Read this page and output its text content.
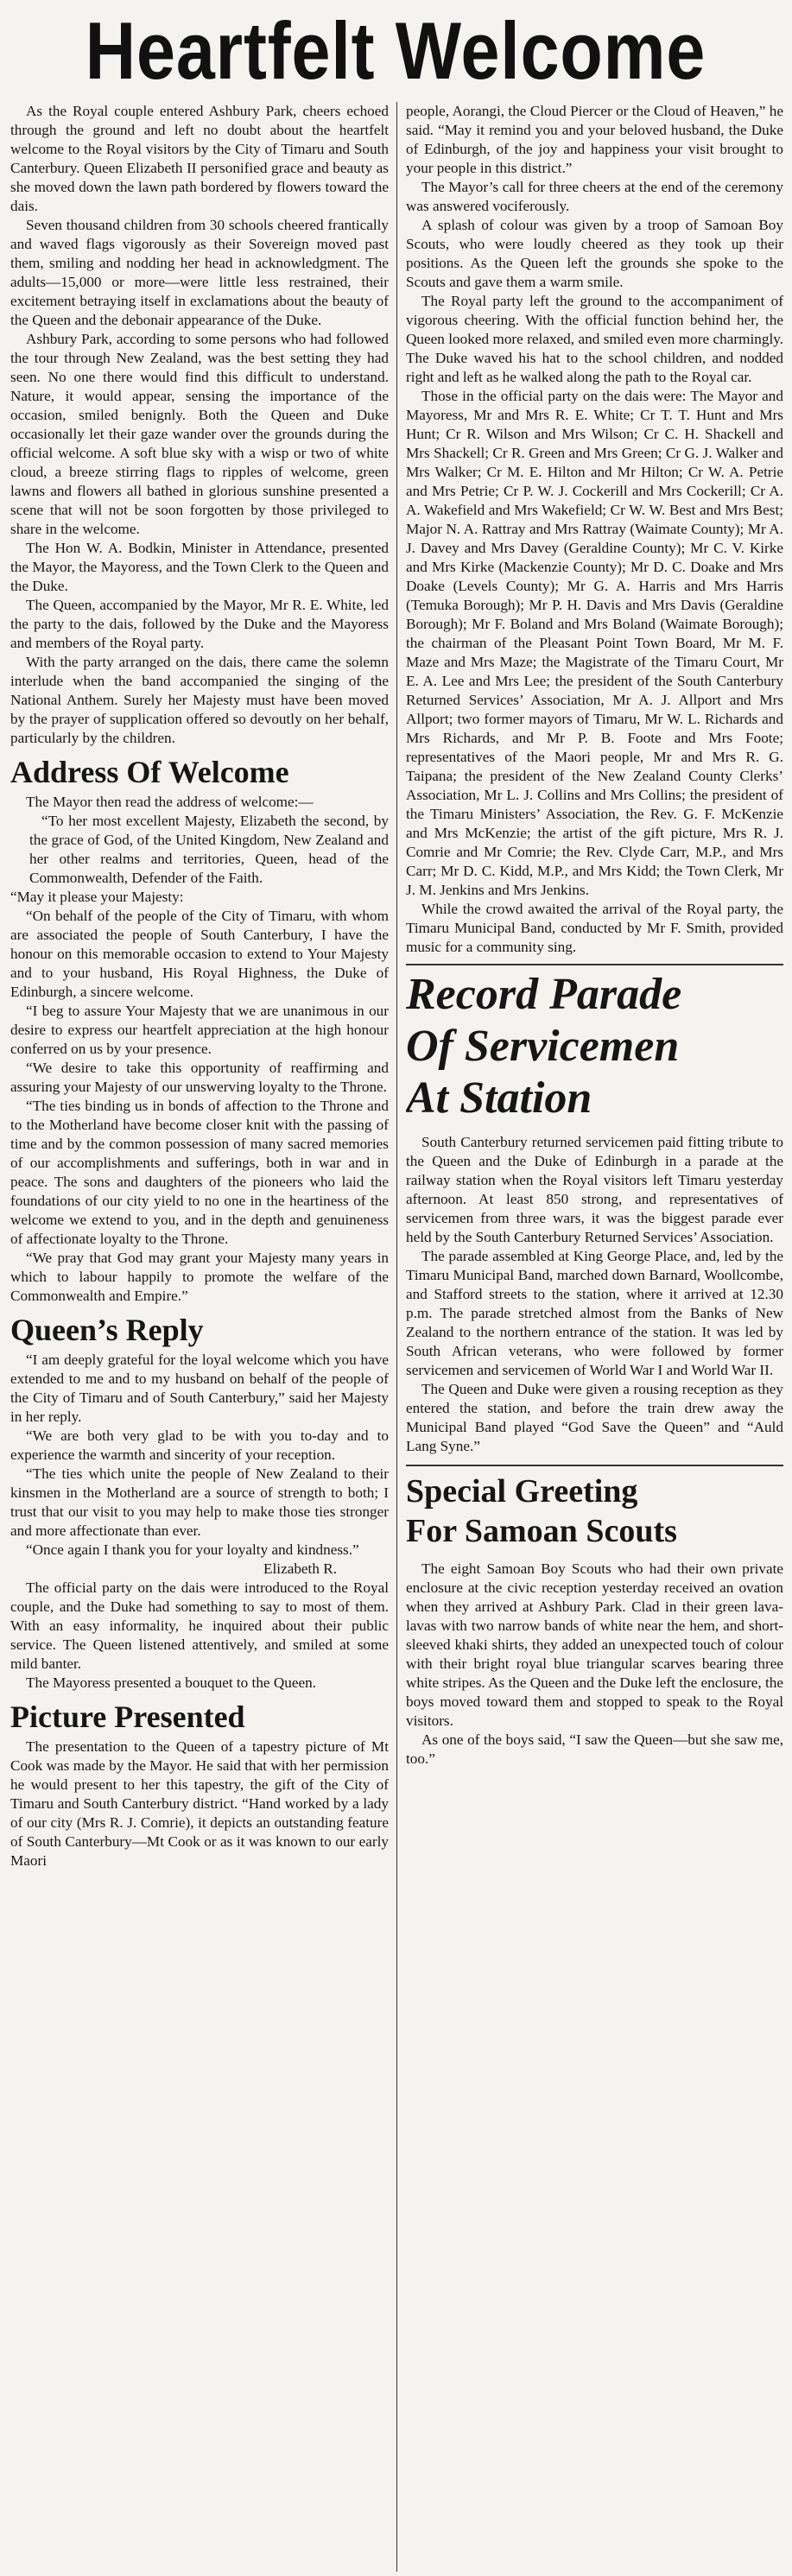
Heartfelt Welcome

As the Royal couple entered Ashbury Park, cheers echoed through the ground and left no doubt about the heartfelt welcome to the Royal visitors by the City of Timaru and South Canterbury. Queen Elizabeth II personified grace and beauty as she moved down the lawn path bordered by flowers toward the dais.

Seven thousand children from 30 schools cheered frantically and waved flags vigorously as their Sovereign moved past them, smiling and nodding her head in acknowledgment. The adults—15,000 or more—were little less restrained, their excitement betraying itself in exclamations about the beauty of the Queen and the debonair appearance of the Duke.

Ashbury Park, according to some persons who had followed the tour through New Zealand, was the best setting they had seen. No one there would find this difficult to understand. Nature, it would appear, sensing the importance of the occasion, smiled benignly. Both the Queen and Duke occasionally let their gaze wander over the grounds during the official welcome. A soft blue sky with a wisp or two of white cloud, a breeze stirring flags to ripples of welcome, green lawns and flowers all bathed in glorious sunshine presented a scene that will not be soon forgotten by those privileged to share in the welcome.

The Hon W. A. Bodkin, Minister in Attendance, presented the Mayor, the Mayoress, and the Town Clerk to the Queen and the Duke.

The Queen, accompanied by the Mayor, Mr R. E. White, led the party to the dais, followed by the Duke and the Mayoress and members of the Royal party.

With the party arranged on the dais, there came the solemn interlude when the band accompanied the singing of the National Anthem. Surely her Majesty must have been moved by the prayer of supplication offered so devoutly on her behalf, particularly by the children.

Address Of Welcome

The Mayor then read the address of welcome:—

“To her most excellent Majesty, Elizabeth the second, by the grace of God, of the United Kingdom, New Zealand and her other realms and territories, Queen, head of the Commonwealth, Defender of the Faith.

“May it please your Majesty:

“On behalf of the people of the City of Timaru, with whom are associated the people of South Canterbury, I have the honour on this memorable occasion to extend to Your Majesty and to your husband, His Royal Highness, the Duke of Edinburgh, a sincere welcome.

“I beg to assure Your Majesty that we are unanimous in our desire to express our heartfelt appreciation at the high honour conferred on us by your presence.

“We desire to take this opportunity of reaffirming and assuring your Majesty of our unswerving loyalty to the Throne.

“The ties binding us in bonds of affection to the Throne and to the Motherland have become closer knit with the passing of time and by the common possession of many sacred memories of our accomplishments and sufferings, both in war and in peace. The sons and daughters of the pioneers who laid the foundations of our city yield to no one in the heartiness of the welcome we extend to you, and in the depth and genuineness of affectionate loyalty to the Throne.

“We pray that God may grant your Majesty many years in which to labour happily to promote the welfare of the Commonwealth and Empire.”

Queen’s Reply

“I am deeply grateful for the loyal welcome which you have extended to me and to my husband on behalf of the people of the City of Timaru and of South Canterbury,” said her Majesty in her reply.

“We are both very glad to be with you to-day and to experience the warmth and sincerity of your reception.

“The ties which unite the people of New Zealand to their kinsmen in the Motherland are a source of strength to both; I trust that our visit to you may help to make those ties stronger and more affectionate than ever.

“Once again I thank you for your loyalty and kindness.”

Elizabeth R.

The official party on the dais were introduced to the Royal couple, and the Duke had something to say to most of them. With an easy informality, he inquired about their public service. The Queen listened attentively, and smiled at some mild banter.

The Mayoress presented a bouquet to the Queen.

Picture Presented

The presentation to the Queen of a tapestry picture of Mt Cook was made by the Mayor. He said that with her permission he would present to her this tapestry, the gift of the City of Timaru and South Canterbury district. “Hand worked by a lady of our city (Mrs R. J. Comrie), it depicts an outstanding feature of South Canterbury—Mt Cook or as it was known to our early Maori

people, Aorangi, the Cloud Piercer or the Cloud of Heaven,” he said. “May it remind you and your beloved husband, the Duke of Edinburgh, of the joy and happiness your visit brought to your people in this district.”

The Mayor’s call for three cheers at the end of the ceremony was answered vociferously.

A splash of colour was given by a troop of Samoan Boy Scouts, who were loudly cheered as they took up their positions. As the Queen left the grounds she spoke to the Scouts and gave them a warm smile.

The Royal party left the ground to the accompaniment of vigorous cheering. With the official function behind her, the Queen looked more relaxed, and smiled even more charmingly. The Duke waved his hat to the school children, and nodded right and left as he walked along the path to the Royal car.

Those in the official party on the dais were: The Mayor and Mayoress, Mr and Mrs R. E. White; Cr T. T. Hunt and Mrs Hunt; Cr R. Wilson and Mrs Wilson; Cr C. H. Shackell and Mrs Shackell; Cr R. Green and Mrs Green; Cr G. J. Walker and Mrs Walker; Cr M. E. Hilton and Mr Hilton; Cr W. A. Petrie and Mrs Petrie; Cr P. W. J. Cockerill and Mrs Cockerill; Cr A. A. Wakefield and Mrs Wakefield; Cr W. W. Best and Mrs Best; Major N. A. Rattray and Mrs Rattray (Waimate County); Mr A. J. Davey and Mrs Davey (Geraldine County); Mr C. V. Kirke and Mrs Kirke (Mackenzie County); Mr D. C. Doake and Mrs Doake (Levels County); Mr G. A. Harris and Mrs Harris (Temuka Borough); Mr P. H. Davis and Mrs Davis (Geraldine Borough); Mr F. Boland and Mrs Boland (Waimate Borough); the chairman of the Pleasant Point Town Board, Mr M. F. Maze and Mrs Maze; the Magistrate of the Timaru Court, Mr E. A. Lee and Mrs Lee; the president of the South Canterbury Returned Services’ Association, Mr A. J. Allport and Mrs Allport; two former mayors of Timaru, Mr W. L. Richards and Mrs Richards, and Mr P. B. Foote and Mrs Foote; representatives of the Maori people, Mr and Mrs R. G. Taipana; the president of the New Zealand County Clerks’ Association, Mr L. J. Collins and Mrs Collins; the president of the Timaru Ministers’ Association, the Rev. G. F. McKenzie and Mrs McKenzie; the artist of the gift picture, Mrs R. J. Comrie and Mr Comrie; the Rev. Clyde Carr, M.P., and Mrs Carr; Mr D. C. Kidd, M.P., and Mrs Kidd; the Town Clerk, Mr J. M. Jenkins and Mrs Jenkins.

While the crowd awaited the arrival of the Royal party, the Timaru Municipal Band, conducted by Mr F. Smith, provided music for a community sing.

Record Parade
Of Servicemen
At Station

South Canterbury returned servicemen paid fitting tribute to the Queen and the Duke of Edinburgh in a parade at the railway station when the Royal visitors left Timaru yesterday afternoon. At least 850 strong, and representatives of servicemen from three wars, it was the biggest parade ever held by the South Canterbury Returned Services’ Association.

The parade assembled at King George Place, and, led by the Timaru Municipal Band, marched down Barnard, Woollcombe, and Stafford streets to the station, where it arrived at 12.30 p.m. The parade stretched almost from the Banks of New Zealand to the northern entrance of the station. It was led by South African veterans, who were followed by former servicemen and servicemen of World War I and World War II.

The Queen and Duke were given a rousing reception as they entered the station, and before the train drew away the Municipal Band played “God Save the Queen” and “Auld Lang Syne.”

Special Greeting
For Samoan Scouts

The eight Samoan Boy Scouts who had their own private enclosure at the civic reception yesterday received an ovation when they arrived at Ashbury Park. Clad in their green lava-lavas with two narrow bands of white near the hem, and short-sleeved khaki shirts, they added an unexpected touch of colour with their bright royal blue triangular scarves bearing three white stripes. As the Queen and the Duke left the enclosure, the boys moved toward them and stopped to speak to the Royal visitors.

As one of the boys said, “I saw the Queen—but she saw me, too.”
